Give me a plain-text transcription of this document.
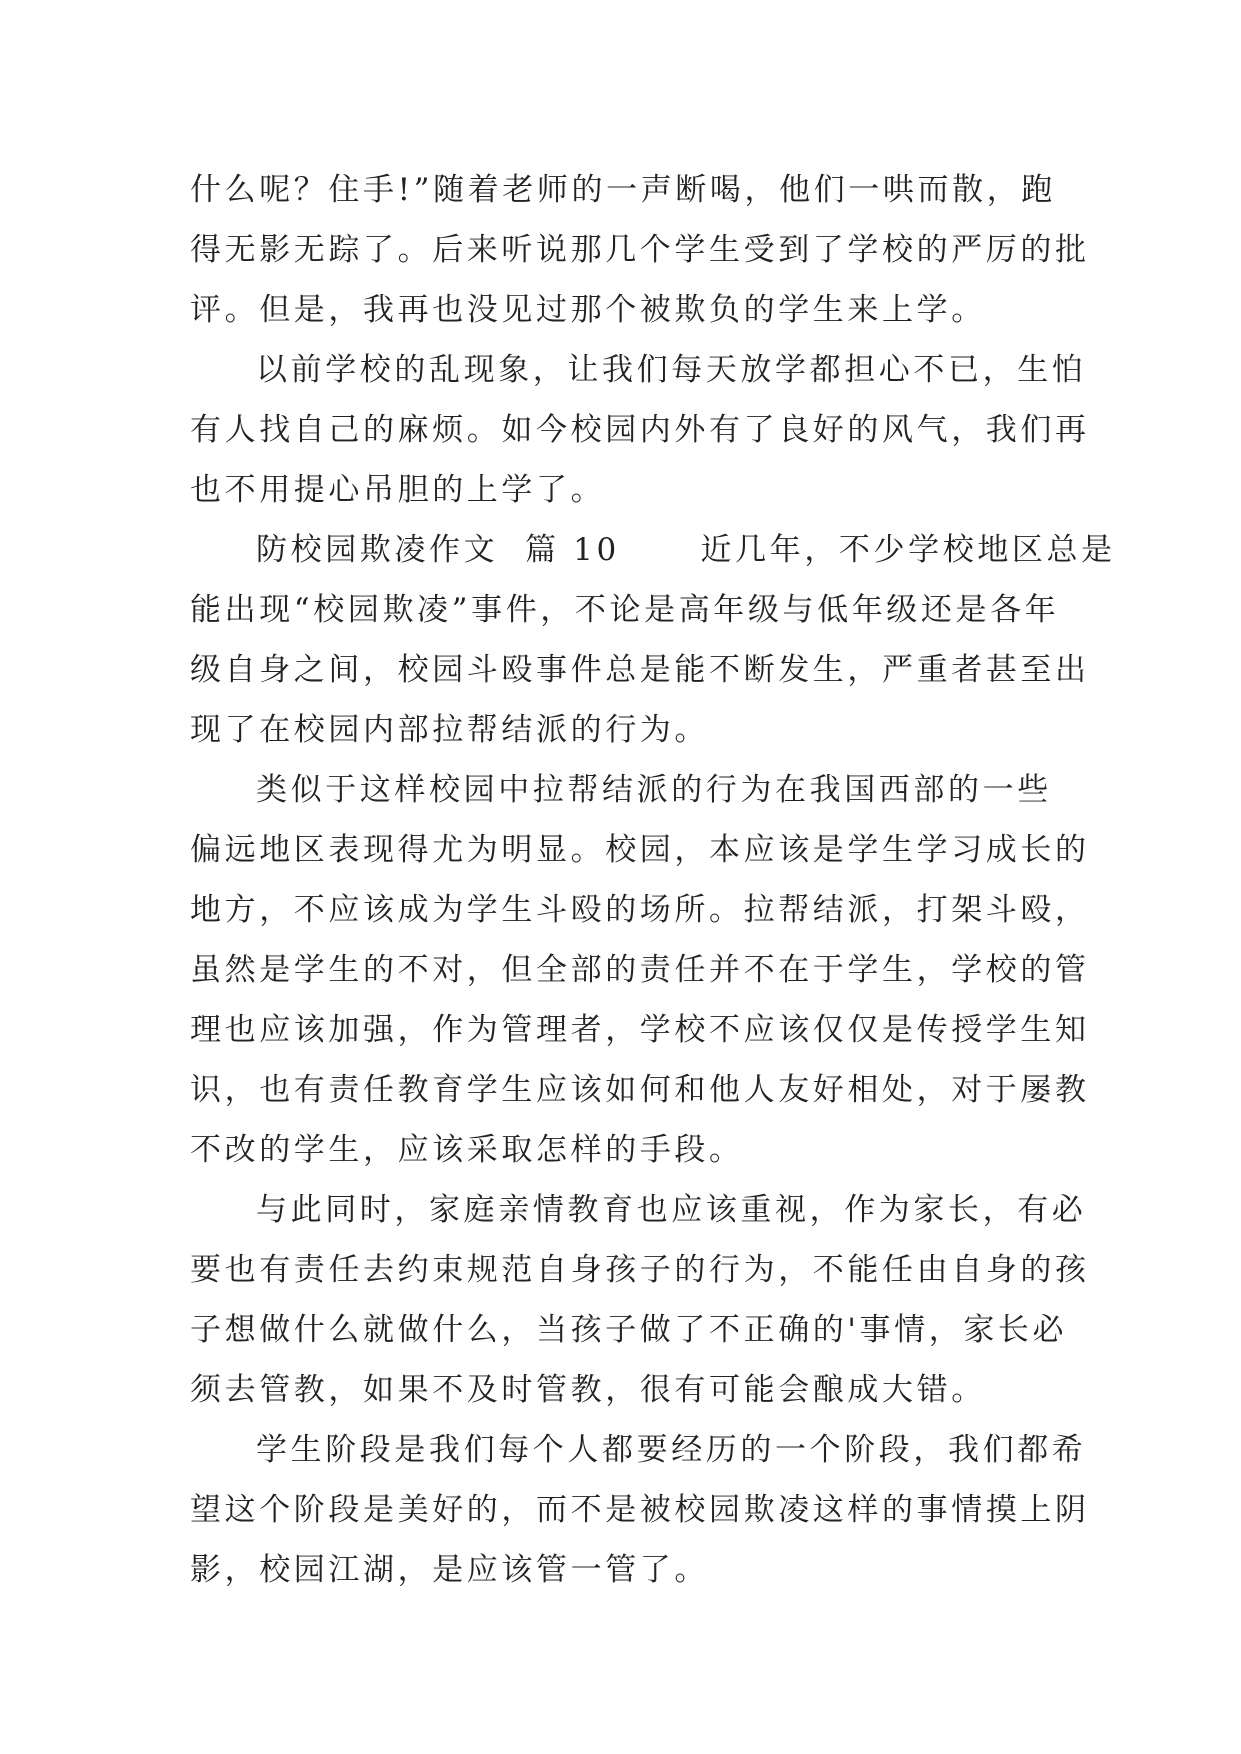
什么呢？住手!”随着老师的一声断喝，他们一哄而散，跑
得无影无踪了。后来听说那几个学生受到了学校的严厉的批
评。但是，我再也没见过那个被欺负的学生来上学。

以前学校的乱现象，让我们每天放学都担心不已，生怕
有人找自己的麻烦。如今校园内外有了良好的风气，我们再
也不用提心吊胆的上学了。

防校园欺凌作文  篇 10      近几年，不少学校地区总是
能出现“校园欺凌”事件，不论是高年级与低年级还是各年
级自身之间，校园斗殴事件总是能不断发生，严重者甚至出
现了在校园内部拉帮结派的行为。

类似于这样校园中拉帮结派的行为在我国西部的一些
偏远地区表现得尤为明显。校园，本应该是学生学习成长的
地方，不应该成为学生斗殴的场所。拉帮结派，打架斗殴，
虽然是学生的不对，但全部的责任并不在于学生，学校的管
理也应该加强，作为管理者，学校不应该仅仅是传授学生知
识，也有责任教育学生应该如何和他人友好相处，对于屡教
不改的学生，应该采取怎样的手段。

与此同时，家庭亲情教育也应该重视，作为家长，有必
要也有责任去约束规范自身孩子的行为，不能任由自身的孩
子想做什么就做什么，当孩子做了不正确的'事情，家长必
须去管教，如果不及时管教，很有可能会酿成大错。

学生阶段是我们每个人都要经历的一个阶段，我们都希
望这个阶段是美好的，而不是被校园欺凌这样的事情摸上阴
影，校园江湖，是应该管一管了。
